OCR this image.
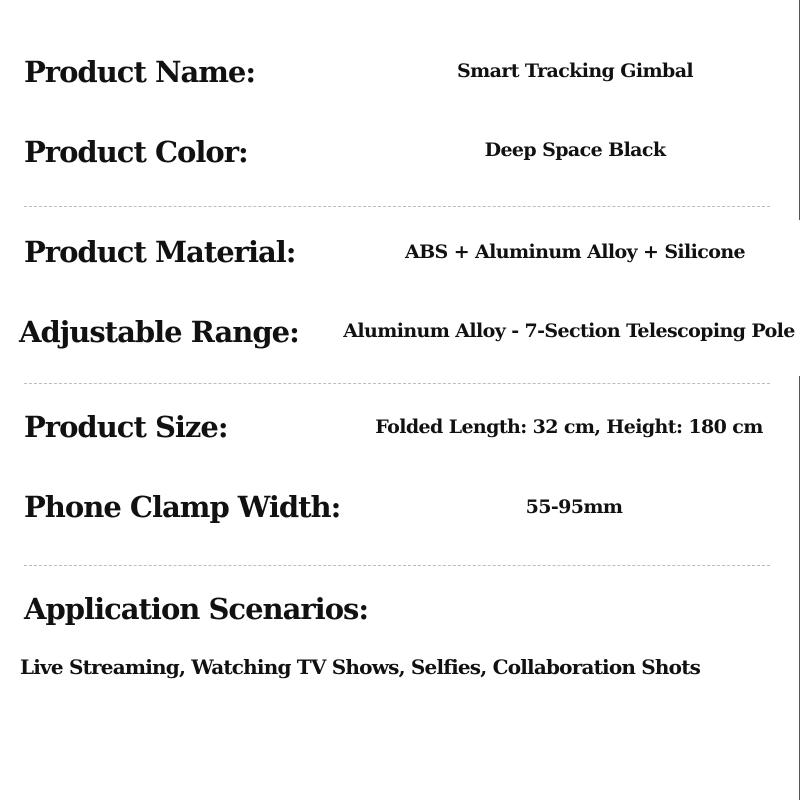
Product Name:	Smart Tracking Gimbal
Product Color:	Deep Space Black
Product Material:	ABS + Aluminum Alloy + Silicone
Adjustable Range: Aluminum Alloy - 7-Section Telescoping Pole
Product Size:	Folded Length: 32 cm, Height: 180 cm
Phone Clamp Width:	55-95mm
Application Scenarios:
Live Streaming, Watching TV Shows, Selfies, Collaboration Shots
